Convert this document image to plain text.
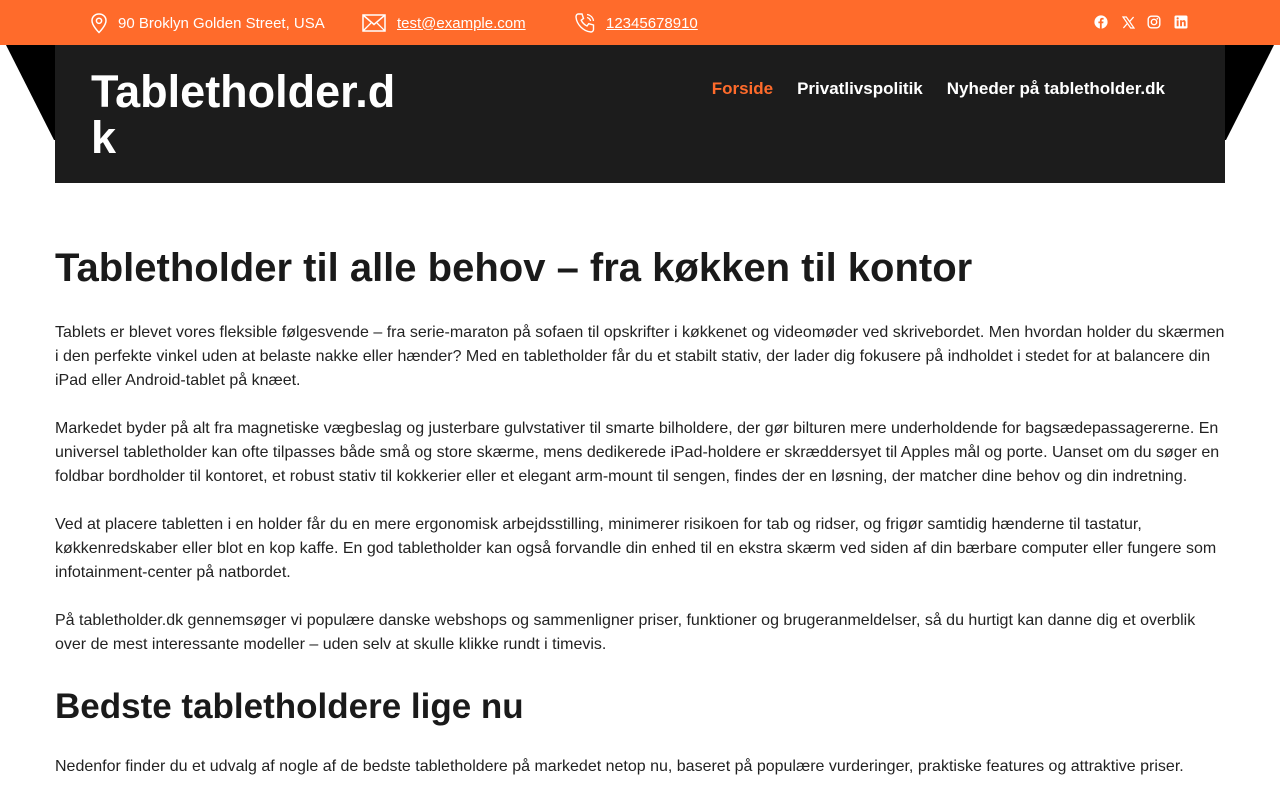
90 Broklyn Golden Street, USA	test@example.com	12345678910
Tabletholder.dk
Forside Privatlivspolitik Nyheder på tabletholder.dk
Tabletholder til alle behov – fra køkken til kontor

Tablets er blevet vores fleksible følgesvende – fra serie-maraton på sofaen til opskrifter i køkkenet og videomøder ved skrivebordet. Men hvordan holder du skærmen i den perfekte vinkel uden at belaste nakke eller hænder? Med en tabletholder får du et stabilt stativ, der lader dig fokusere på indholdet i stedet for at balancere din iPad eller Android-tablet på knæet.

Markedet byder på alt fra magnetiske vægbeslag og justerbare gulvstativer til smarte bilholdere, der gør bilturen mere underholdende for bagsædepassagererne. En universel tabletholder kan ofte tilpasses både små og store skærme, mens dedikerede iPad-holdere er skræddersyet til Apples mål og porte. Uanset om du søger en foldbar bordholder til kontoret, et robust stativ til kokkerier eller et elegant arm-mount til sengen, findes der en løsning, der matcher dine behov og din indretning.

Ved at placere tabletten i en holder får du en mere ergonomisk arbejdsstilling, minimerer risikoen for tab og ridser, og frigør samtidig hænderne til tastatur, køkkenredskaber eller blot en kop kaffe. En god tabletholder kan også forvandle din enhed til en ekstra skærm ved siden af din bærbare computer eller fungere som infotainment-center på natbordet.

På tabletholder.dk gennemsøger vi populære danske webshops og sammenligner priser, funktioner og brugeranmeldelser, så du hurtigt kan danne dig et overblik over de mest interessante modeller – uden selv at skulle klikke rundt i timevis.

Bedste tabletholdere lige nu

Nedenfor finder du et udvalg af nogle af de bedste tabletholdere på markedet netop nu, baseret på populære vurderinger, praktiske features og attraktive priser.
